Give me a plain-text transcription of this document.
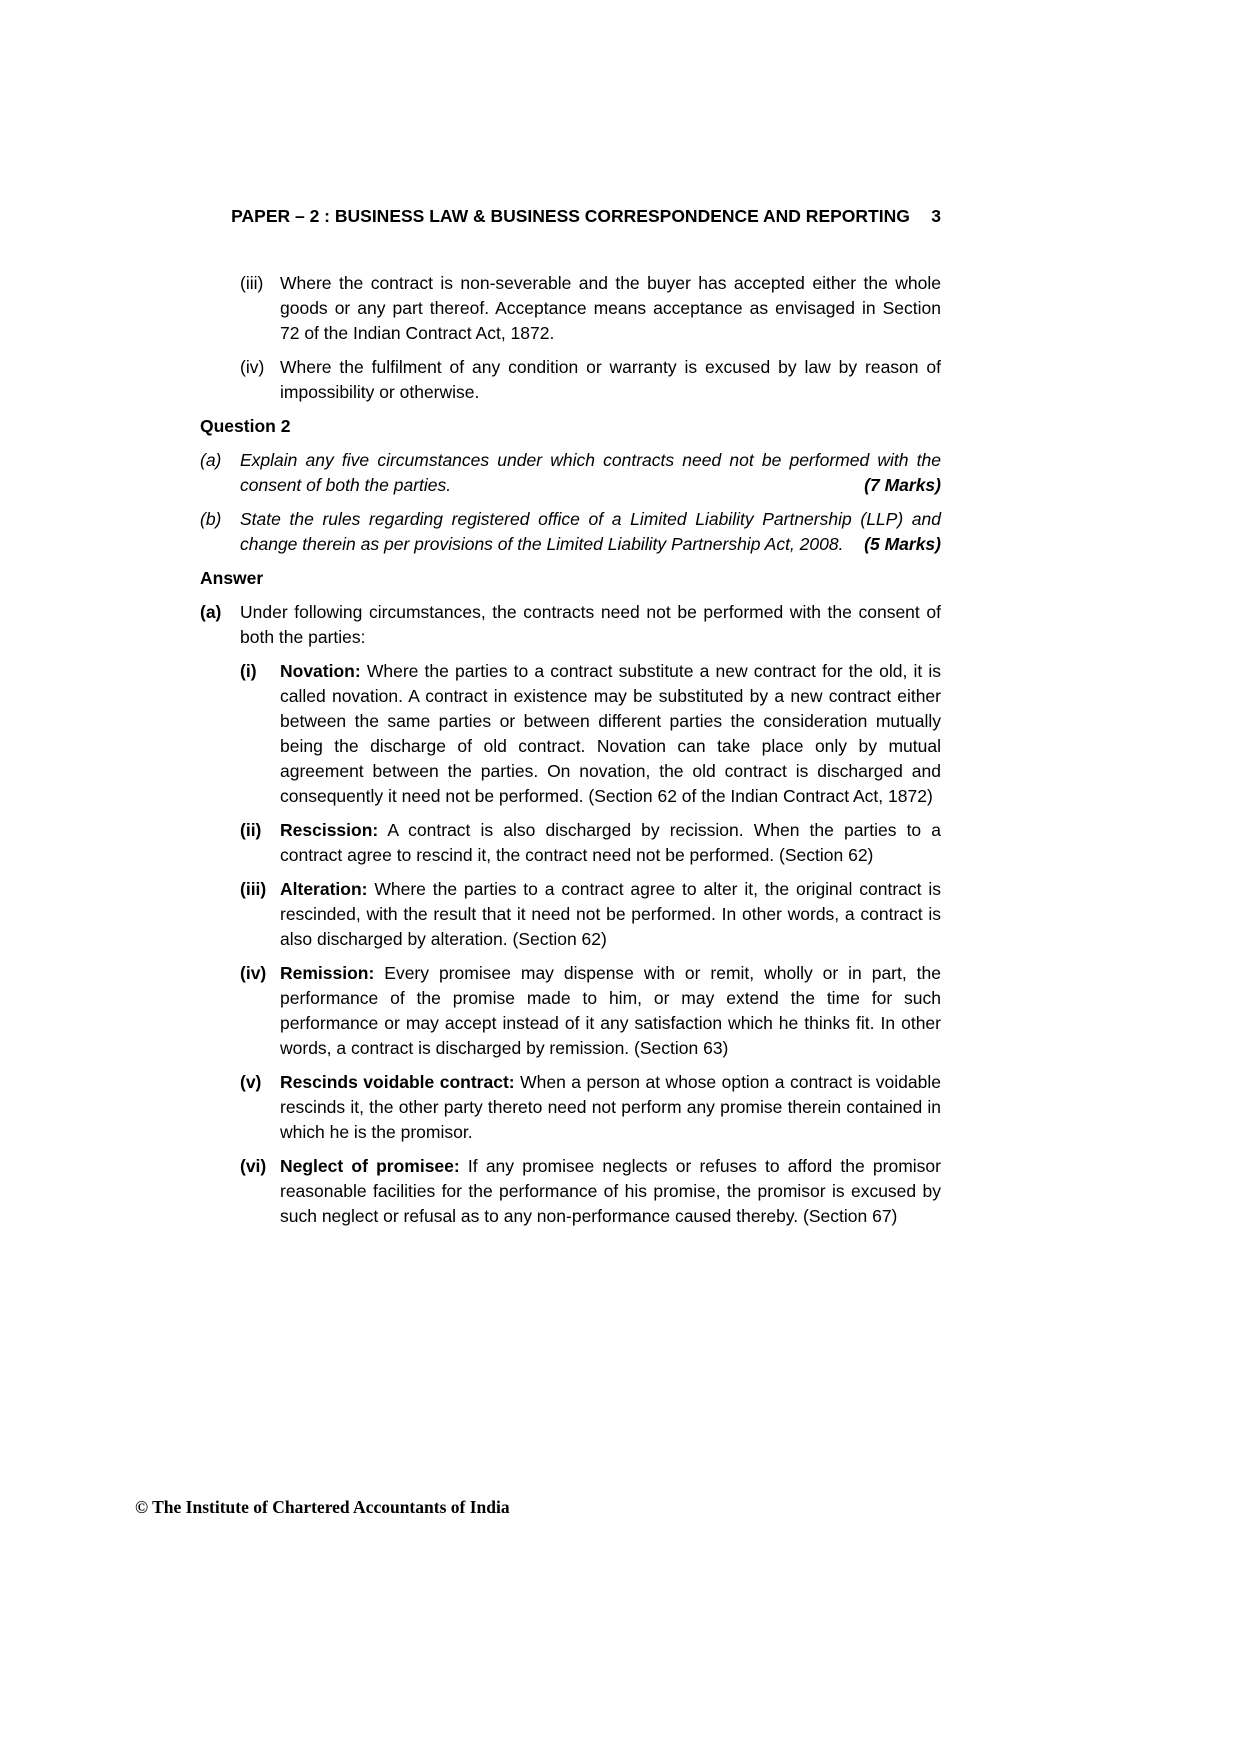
PAPER – 2 : BUSINESS LAW & BUSINESS CORRESPONDENCE AND REPORTING 3
(iii) Where the contract is non-severable and the buyer has accepted either the whole goods or any part thereof. Acceptance means acceptance as envisaged in Section 72 of the Indian Contract Act, 1872.
(iv) Where the fulfilment of any condition or warranty is excused by law by reason of impossibility or otherwise.
Question 2
(a)	Explain any five circumstances under which contracts need not be performed with the consent of both the parties.	(7 Marks)
(b)	State the rules regarding registered office of a Limited Liability Partnership (LLP) and change therein as per provisions of the Limited Liability Partnership Act, 2008. (5 Marks)
Answer
(a)	Under following circumstances, the contracts need not be performed with the consent of both the parties:
(i)	Novation: Where the parties to a contract substitute a new contract for the old, it is called novation. A contract in existence may be substituted by a new contract either between the same parties or between different parties the consideration mutually being the discharge of old contract. Novation can take place only by mutual agreement between the parties. On novation, the old contract is discharged and consequently it need not be performed. (Section 62 of the Indian Contract Act, 1872)
(ii)	Rescission: A contract is also discharged by recission. When the parties to a contract agree to rescind it, the contract need not be performed. (Section 62)
(iii) Alteration: Where the parties to a contract agree to alter it, the original contract is rescinded, with the result that it need not be performed. In other words, a contract is also discharged by alteration. (Section 62)
(iv) Remission: Every promisee may dispense with or remit, wholly or in part, the performance of the promise made to him, or may extend the time for such performance or may accept instead of it any satisfaction which he thinks fit. In other words, a contract is discharged by remission. (Section 63)
(v)	Rescinds voidable contract: When a person at whose option a contract is voidable rescinds it, the other party thereto need not perform any promise therein contained in which he is the promisor.
(vi) Neglect of promisee: If any promisee neglects or refuses to afford the promisor reasonable facilities for the performance of his promise, the promisor is excused by such neglect or refusal as to any non-performance caused thereby. (Section 67)
© The Institute of Chartered Accountants of India
